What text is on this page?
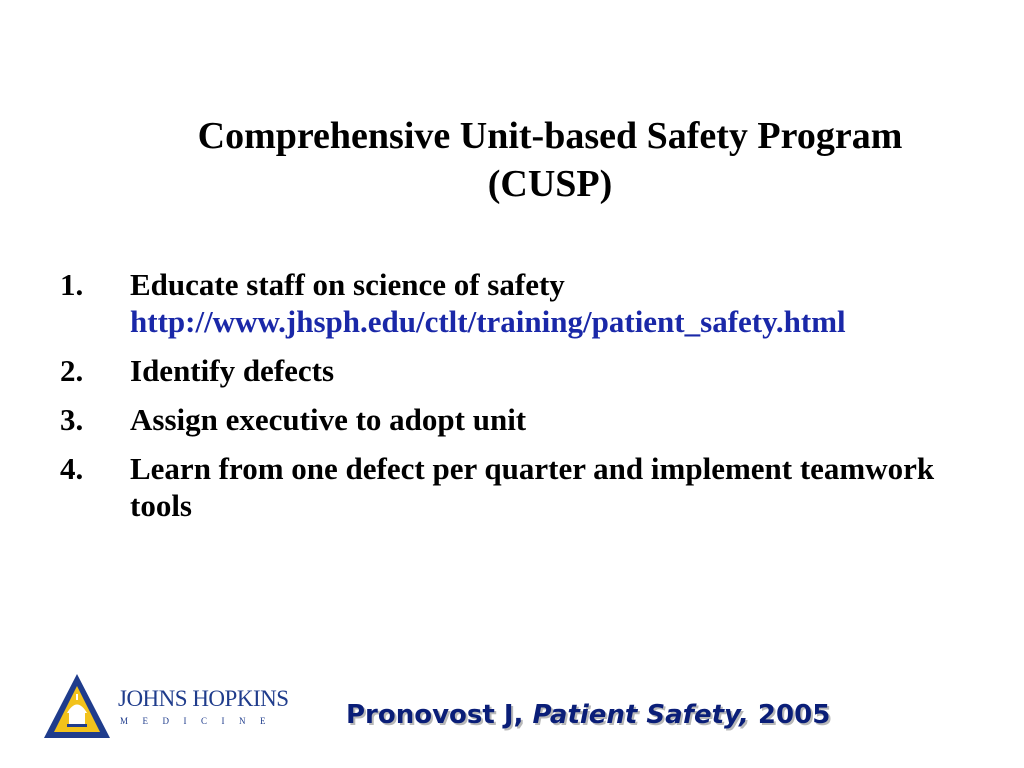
Comprehensive Unit-based Safety Program
(CUSP)
1.	Educate staff on science of safety
http://www.jhsph.edu/ctlt/training/patient_safety.html
2.	Identify defects
3.	Assign executive to adopt unit
4.	Learn from one defect per quarter and implement teamwork tools
JOHNS HOPKINS
MEDICINE	Pronovost J, Patient Safety, 2005
